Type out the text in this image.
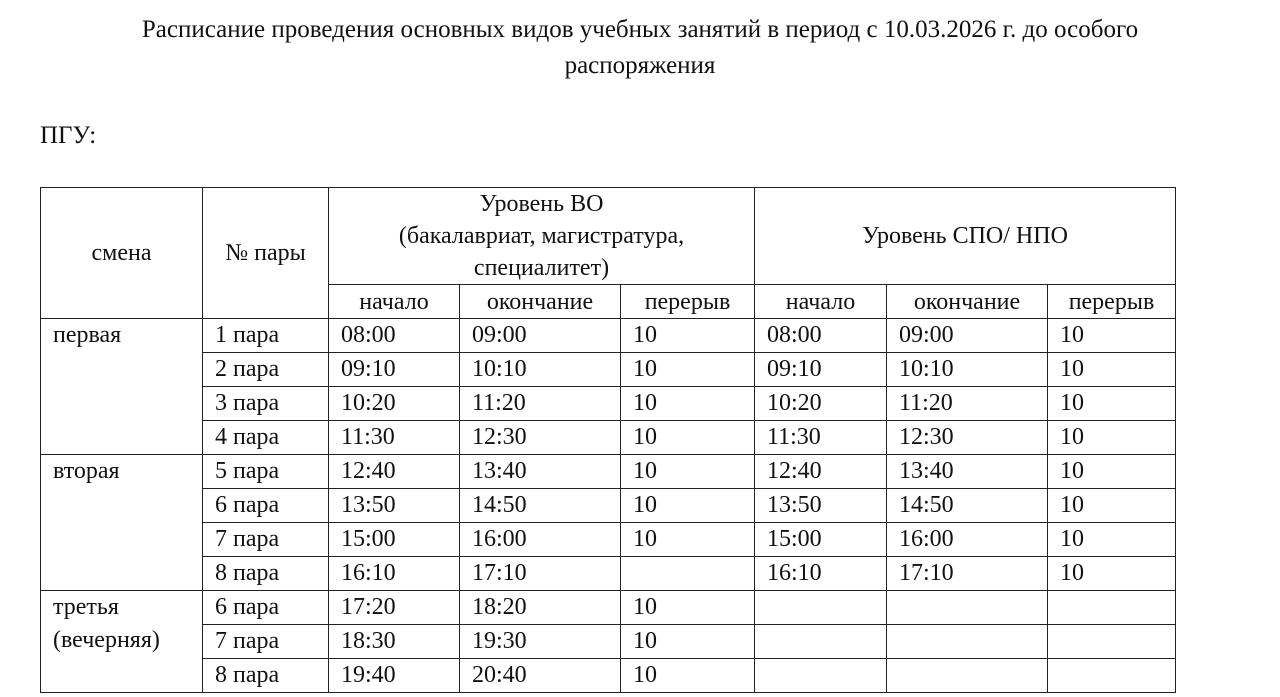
Расписание проведения основных видов учебных занятий в период с 10.03.2026 г. до особого
распоряжения
ПГУ:
смена	№ пары	Уровень ВО
(бакалавриат, магистратура,
специалитет)			Уровень СПО/ НПО		
		начало	окончание	перерыв	начало	окончание	перерыв

первая	1 пара	08:00	09:00	10	08:00	09:00	10
	2 пара	09:10	10:10	10	09:10	10:10	10
	3 пара	10:20	11:20	10	10:20	11:20	10
	4 пара	11:30	12:30	10	11:30	12:30	10

вторая	5 пара	12:40	13:40	10	12:40	13:40	10
	6 пара	13:50	14:50	10	13:50	14:50	10
	7 пара	15:00	16:00	10	15:00	16:00	10
	8 пара	16:10	17:10		16:10	17:10	10

третья
(вечерняя)	6 пара	17:20	18:20	10			
	7 пара	18:30	19:30	10			
	8 пара	19:40	20:40	10			
